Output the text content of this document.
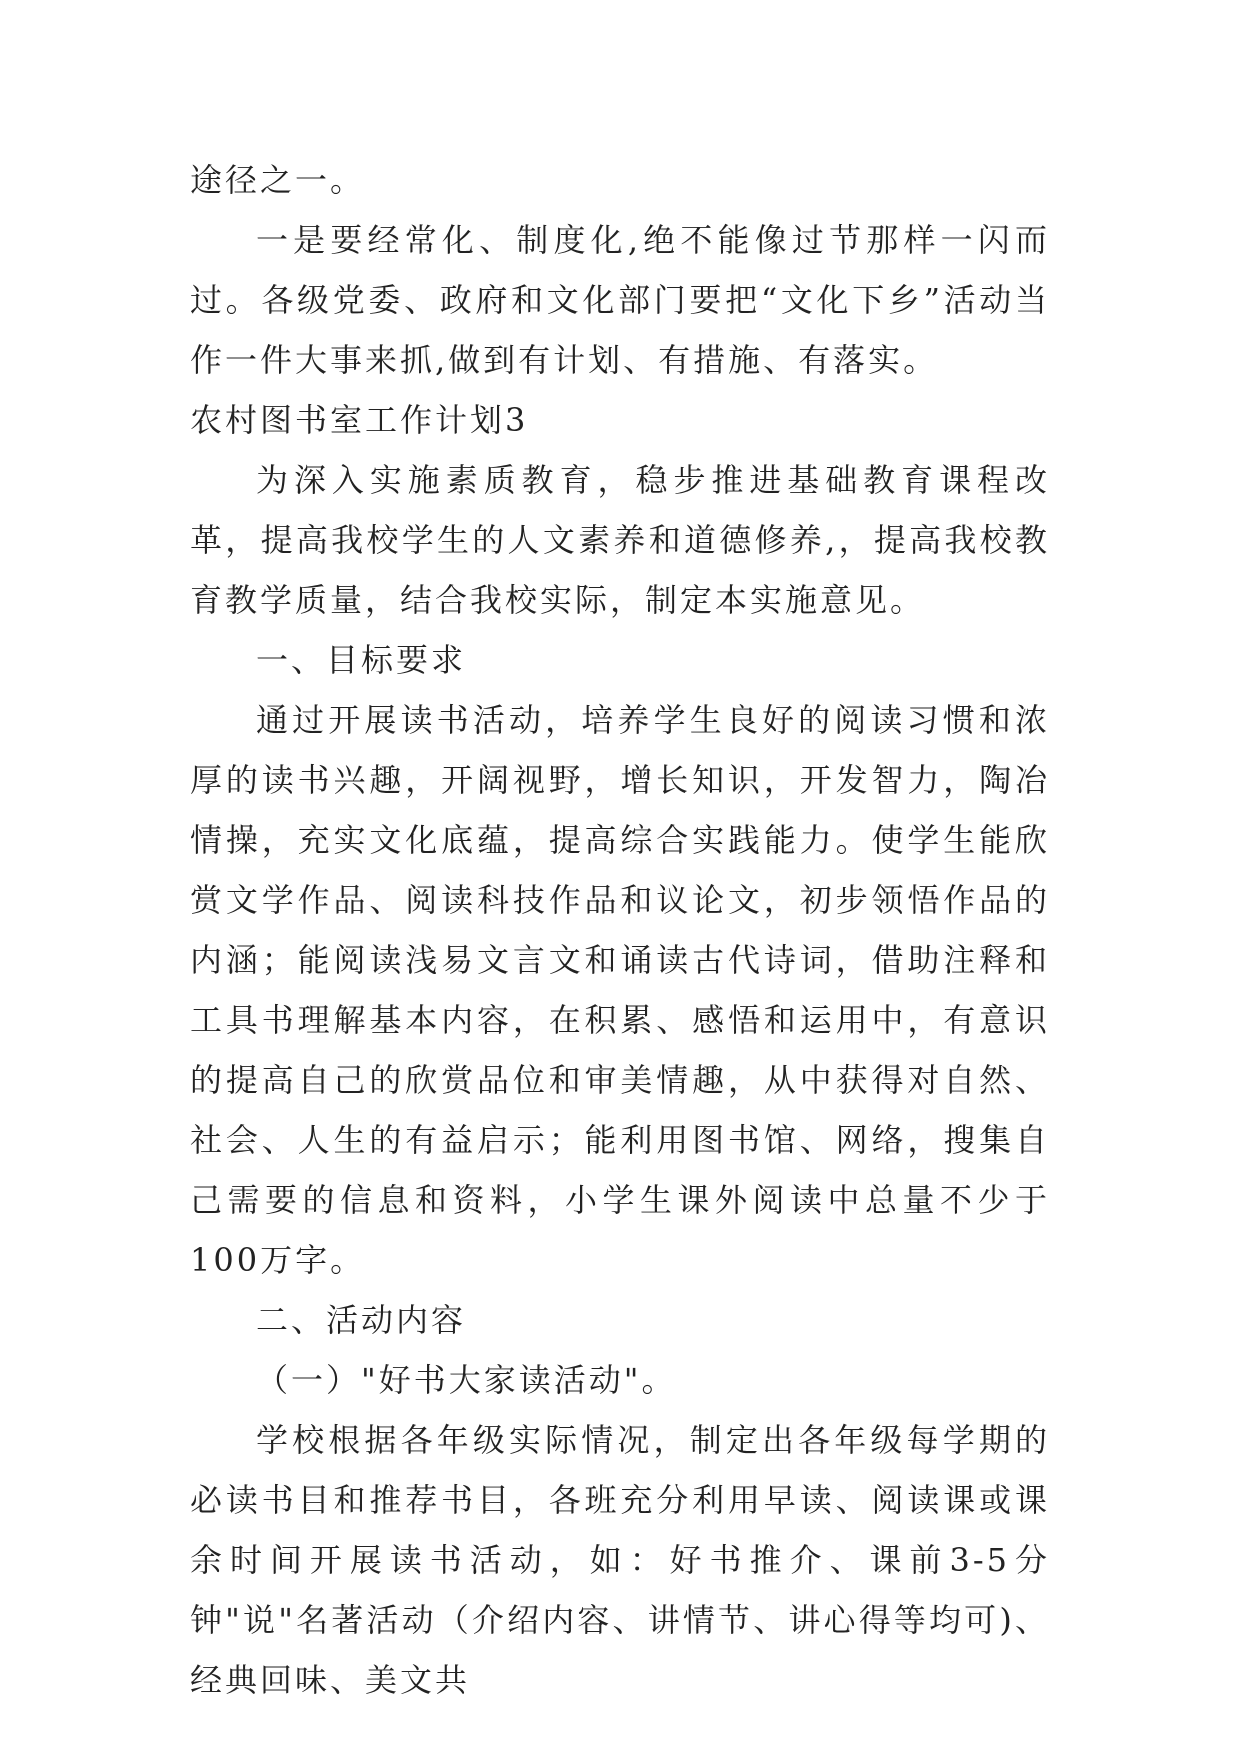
途径之一。

一是要经常化、制度化,绝不能像过节那样一闪而过。各级党委、政府和文化部门要把“文化下乡”活动当作一件大事来抓,做到有计划、有措施、有落实。

农村图书室工作计划3

为深入实施素质教育，稳步推进基础教育课程改革，提高我校学生的人文素养和道德修养,，提高我校教育教学质量，结合我校实际，制定本实施意见。

一、目标要求

通过开展读书活动，培养学生良好的阅读习惯和浓厚的读书兴趣，开阔视野，增长知识，开发智力，陶冶情操，充实文化底蕴，提高综合实践能力。使学生能欣赏文学作品、阅读科技作品和议论文，初步领悟作品的内涵；能阅读浅易文言文和诵读古代诗词，借助注释和工具书理解基本内容，在积累、感悟和运用中，有意识的提高自己的欣赏品位和审美情趣，从中获得对自然、社会、人生的有益启示；能利用图书馆、网络，搜集自己需要的信息和资料，小学生课外阅读中总量不少于100万字。

二、活动内容

（一）"好书大家读活动"。

学校根据各年级实际情况，制定出各年级每学期的必读书目和推荐书目，各班充分利用早读、阅读课或课余时间开展读书活动，如：好书推介、课前3-5分钟"说"名著活动（介绍内容、讲情节、讲心得等均可)、经典回味、美文共
